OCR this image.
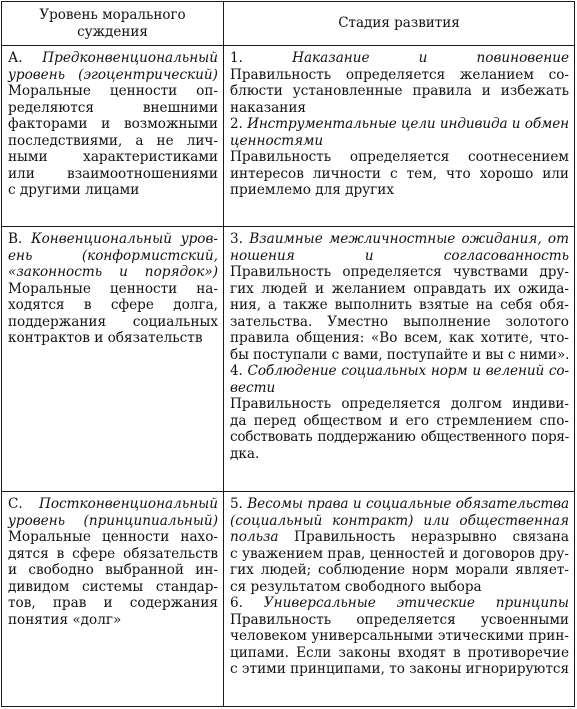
Уровень морального
суждения
Стадия развития
А. Предконвенциональный
уровень (эгоцентрический)
Моральные ценности оп-
ределяются внешними
факторами и возможными
последствиями, а не лич-
ными характеристиками
или взаимоотношениями
с другими лицами
1. Наказание и повиновение
Правильность определяется желанием со-
блюсти установленные правила и избежать
наказания
2. Инструментальные цели индивида и обмен
ценностями
Правильность определяется соотнесением
интересов личности с тем, что хорошо или
приемлемо для других
В. Конвенциональный уров-
ень (конформистский,
«законность и порядок»)
Моральные ценности на-
ходятся в сфере долга,
поддержания социальных
контрактов и обязательств
3. Взаимные межличностные ожидания, от
ношения и согласованность
Правильность определяется чувствами дру-
гих людей и желанием оправдать их ожида-
ния, а также выполнить взятые на себя обя-
зательства. Уместно выполнение золотого
правила общения: «Во всем, как хотите, что-
бы поступали с вами, поступайте и вы с ними».
4. Соблюдение социальных норм и велений со-
вести
Правильность определяется долгом индиви-
да перед обществом и его стремлением спо-
собствовать поддержанию общественного поря-
дка.
С. Постконвенциональный
уровень (принципиальный)
Моральные ценности нахо-
дятся в сфере обязательств
и свободно выбранной ин-
дивидом системы стандар-
тов, прав и содержания
понятия «долг»
5. Весомы права и социальные обязательства
(социальный контракт) или общественная
польза Правильность неразрывно связана
с уважением прав, ценностей и договоров дру-
гих людей; соблюдение норм морали являет-
ся результатом свободного выбора
6. Универсальные этические принципы
Правильность определяется усвоенными
человеком универсальными этическими прин-
ципами. Если законы входят в противоречие
с этими принципами, то законы игнорируются
